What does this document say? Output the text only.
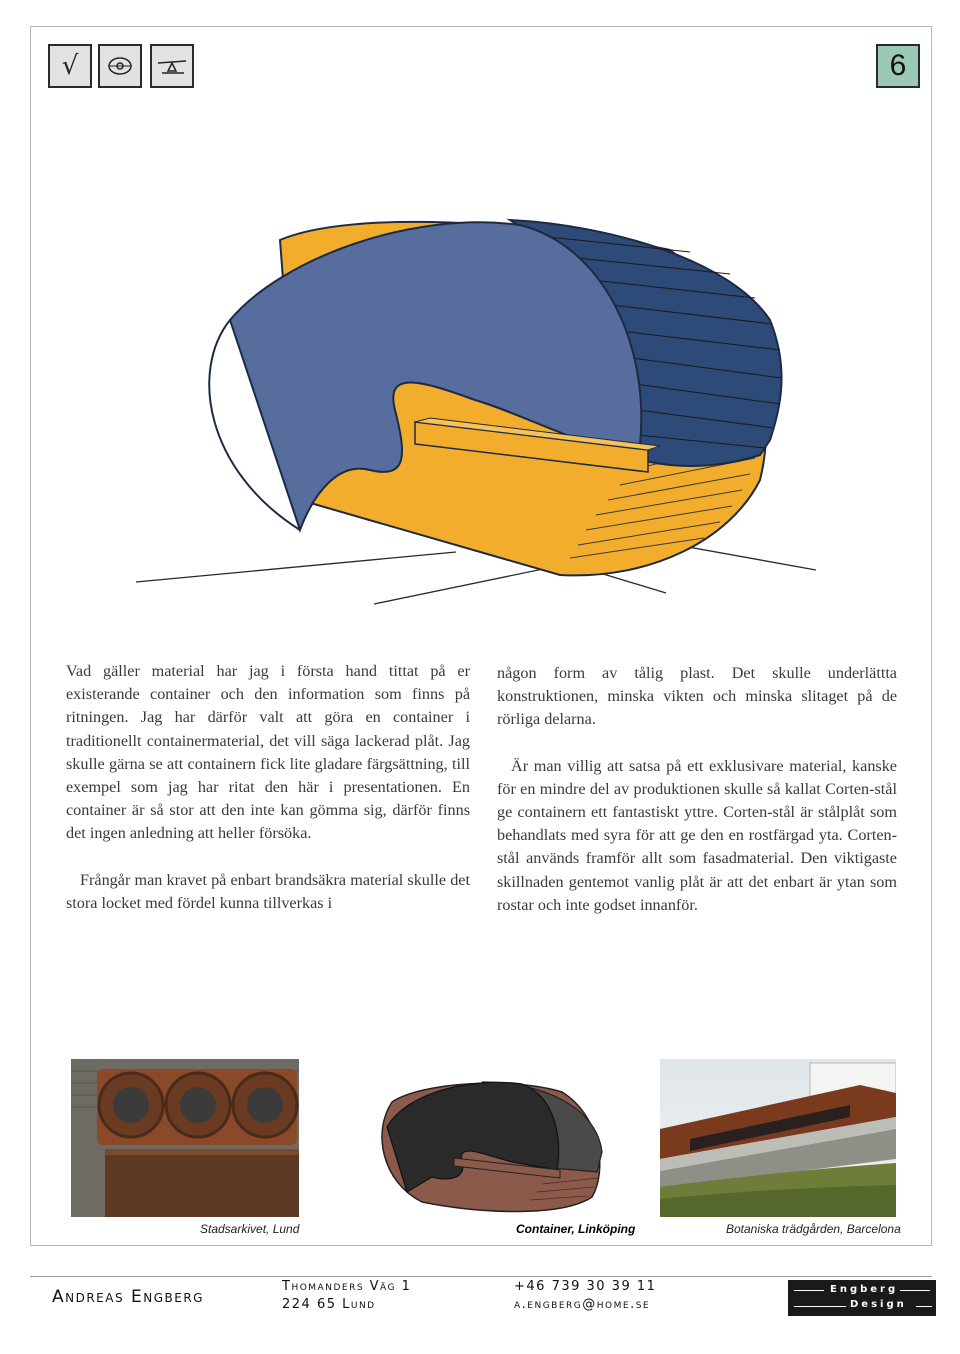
√	6

Vad gäller material har jag i första hand tittat på er existerande container och den information som finns på ritningen. Jag har därför valt att göra en container i traditionellt containermaterial, det vill säga lackerad plåt. Jag skulle gärna se att containern fick lite gladare färgsättning, till exempel som jag har ritat den här i presentationen. En container är så stor att den inte kan gömma sig, därför finns det ingen anledning att heller försöka.

Frångår man kravet på enbart brandsäkra material skulle det stora locket med fördel kunna tillverkas i

någon form av tålig plast. Det skulle underlättta konstruktionen, minska vikten och minska slitaget på de rörliga delarna.

Är man villig att satsa på ett exklusivare material, kanske för en mindre del av produktionen skulle så kallat Corten-stål ge containern ett fantastiskt yttre. Corten-stål är stålplåt som behandlats med syra för att ge den en rostfärgad yta. Corten-stål används framför allt som fasadmaterial. Den viktigaste skillnaden gentemot vanlig plåt är att det enbart är ytan som rostar och inte godset innanför.

Stadsarkivet, Lund	Container, Linköping	Botaniska trädgården, Barcelona
Andreas Engberg
Thomanders Väg 1
224 65 Lund
+46 739 30 39 11
a.engberg@home.se
Engberg
Design
